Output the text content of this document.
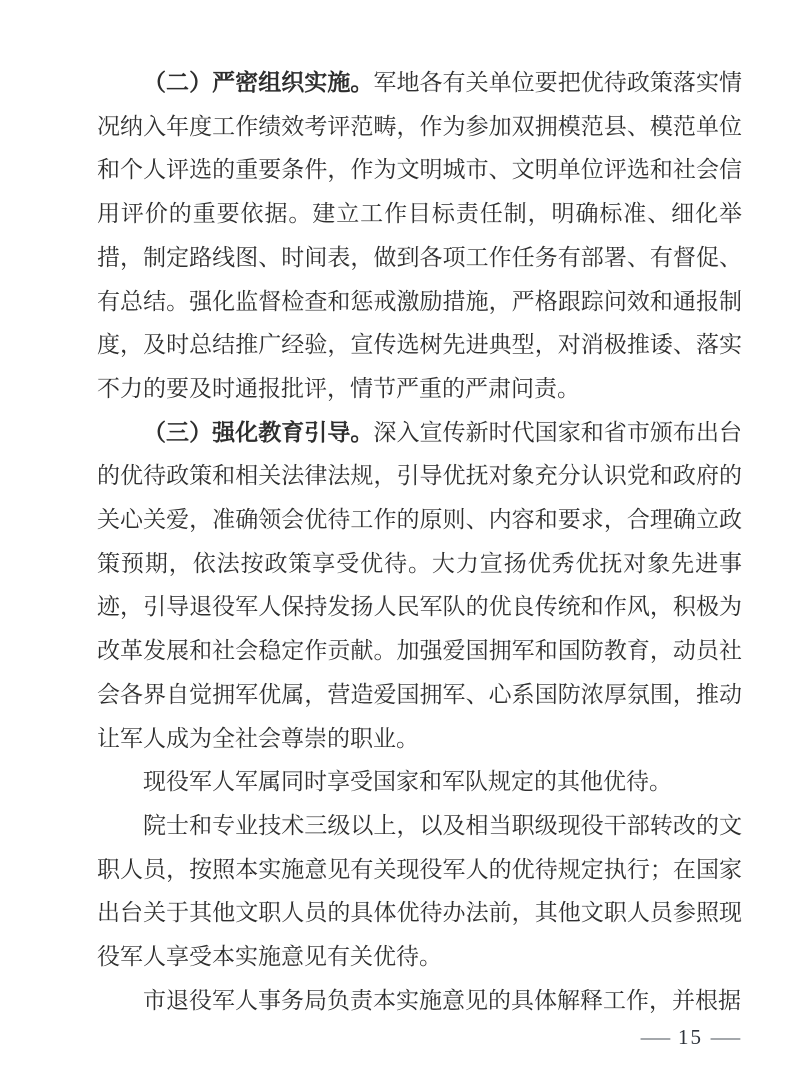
（二）严密组织实施。军地各有关单位要把优待政策落实情况纳入年度工作绩效考评范畴，作为参加双拥模范县、模范单位和个人评选的重要条件，作为文明城市、文明单位评选和社会信用评价的重要依据。建立工作目标责任制，明确标准、细化举措，制定路线图、时间表，做到各项工作任务有部署、有督促、有总结。强化监督检查和惩戒激励措施，严格跟踪问效和通报制度，及时总结推广经验，宣传选树先进典型，对消极推诿、落实不力的要及时通报批评，情节严重的严肃问责。

（三）强化教育引导。深入宣传新时代国家和省市颁布出台的优待政策和相关法律法规，引导优抚对象充分认识党和政府的关心关爱，准确领会优待工作的原则、内容和要求，合理确立政策预期，依法按政策享受优待。大力宣扬优秀优抚对象先进事迹，引导退役军人保持发扬人民军队的优良传统和作风，积极为改革发展和社会稳定作贡献。加强爱国拥军和国防教育，动员社会各界自觉拥军优属，营造爱国拥军、心系国防浓厚氛围，推动让军人成为全社会尊崇的职业。

现役军人军属同时享受国家和军队规定的其他优待。

院士和专业技术三级以上，以及相当职级现役干部转改的文职人员，按照本实施意见有关现役军人的优待规定执行；在国家出台关于其他文职人员的具体优待办法前，其他文职人员参照现役军人享受本实施意见有关优待。

市退役军人事务局负责本实施意见的具体解释工作，并根据

— 15 —
